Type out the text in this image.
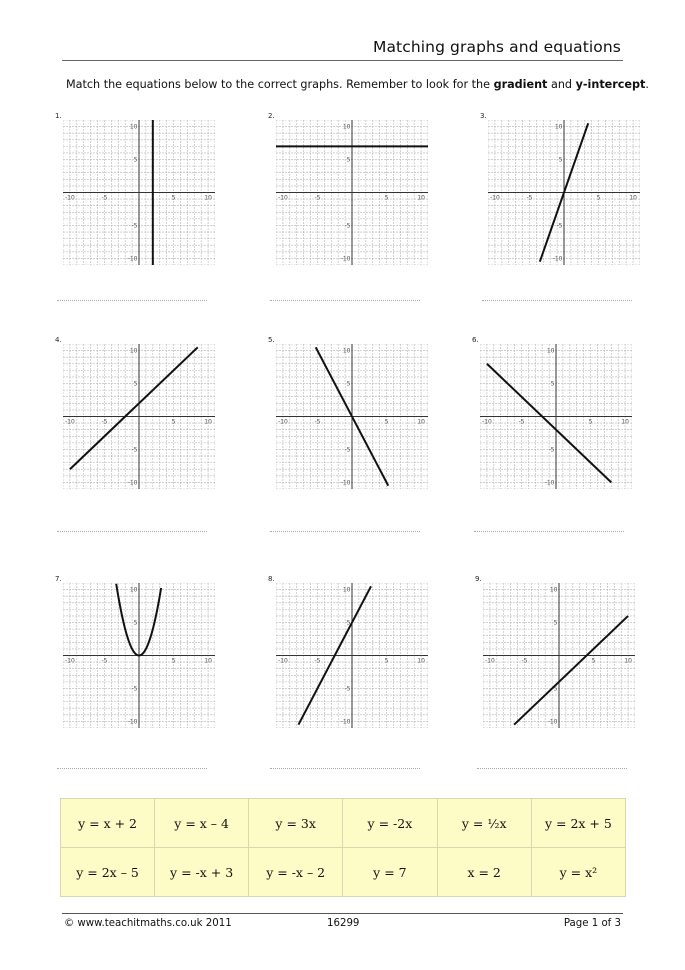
Matching graphs and equations
Match the equations below to the correct graphs. Remember to look for the gradient and y-intercept.
1.
-10	-5	5	10
10
5
-5
-10
2.
-10	-5	5	10
10
5
-5
-10
3.
-10	-5	5	10
10
5
-5
-10
4.
-10	-5	5	10
10
5
-5
-10
5.
-10	-5	5	10
10
5
-5
-10
6.
-10	-5	5	10
10
5
-5
-10
7.
-10	-5	5	10
10
5
-5
-10
8.
-10	-5	5	10
10
5
-5
-10
9.
-10	-5	5	10
10
5
-5
-10
y = x + 2	y = x – 4	y = 3x	y = -2x	y = ½x	y = 2x + 5
y = 2x – 5	y = -x + 3	y = -x – 2	y = 7	x = 2	y = x²
© www.teachitmaths.co.uk 2011	16299	Page 1 of 3
